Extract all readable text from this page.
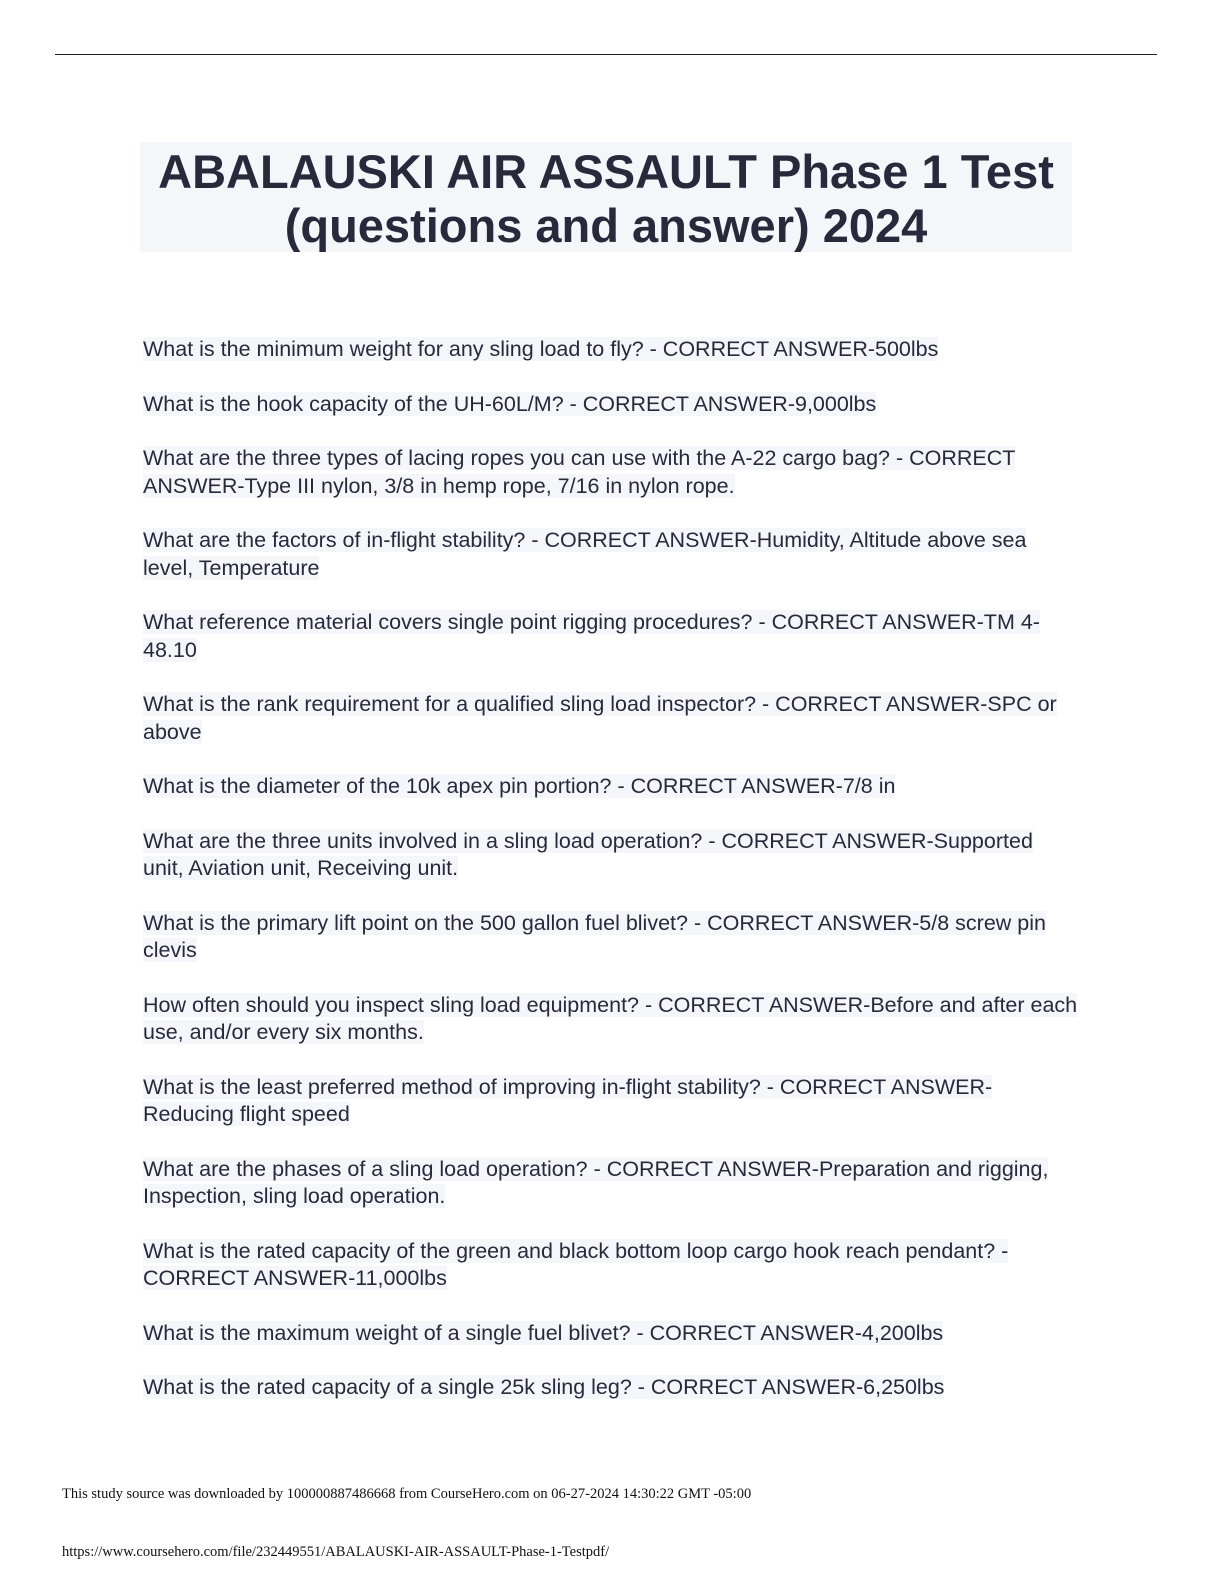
ABALAUSKI AIR ASSAULT Phase 1 Test
(questions and answer) 2024
What is the minimum weight for any sling load to fly? - CORRECT ANSWER-500lbs
What is the hook capacity of the UH-60L/M? - CORRECT ANSWER-9,000lbs
What are the three types of lacing ropes you can use with the A-22 cargo bag? - CORRECT ANSWER-Type III nylon, 3/8 in hemp rope, 7/16 in nylon rope.
What are the factors of in-flight stability? - CORRECT ANSWER-Humidity, Altitude above sea level, Temperature
What reference material covers single point rigging procedures? - CORRECT ANSWER-TM 4-48.10
What is the rank requirement for a qualified sling load inspector? - CORRECT ANSWER-SPC or above
What is the diameter of the 10k apex pin portion? - CORRECT ANSWER-7/8 in
What are the three units involved in a sling load operation? - CORRECT ANSWER-Supported unit, Aviation unit, Receiving unit.
What is the primary lift point on the 500 gallon fuel blivet? - CORRECT ANSWER-5/8 screw pin clevis
How often should you inspect sling load equipment? - CORRECT ANSWER-Before and after each use, and/or every six months.
What is the least preferred method of improving in-flight stability? - CORRECT ANSWER-Reducing flight speed
What are the phases of a sling load operation? - CORRECT ANSWER-Preparation and rigging, Inspection, sling load operation.
What is the rated capacity of the green and black bottom loop cargo hook reach pendant? - CORRECT ANSWER-11,000lbs
What is the maximum weight of a single fuel blivet? - CORRECT ANSWER-4,200lbs
What is the rated capacity of a single 25k sling leg? - CORRECT ANSWER-6,250lbs
This study source was downloaded by 100000887486668 from CourseHero.com on 06-27-2024 14:30:22 GMT -05:00
https://www.coursehero.com/file/232449551/ABALAUSKI-AIR-ASSAULT-Phase-1-Testpdf/
